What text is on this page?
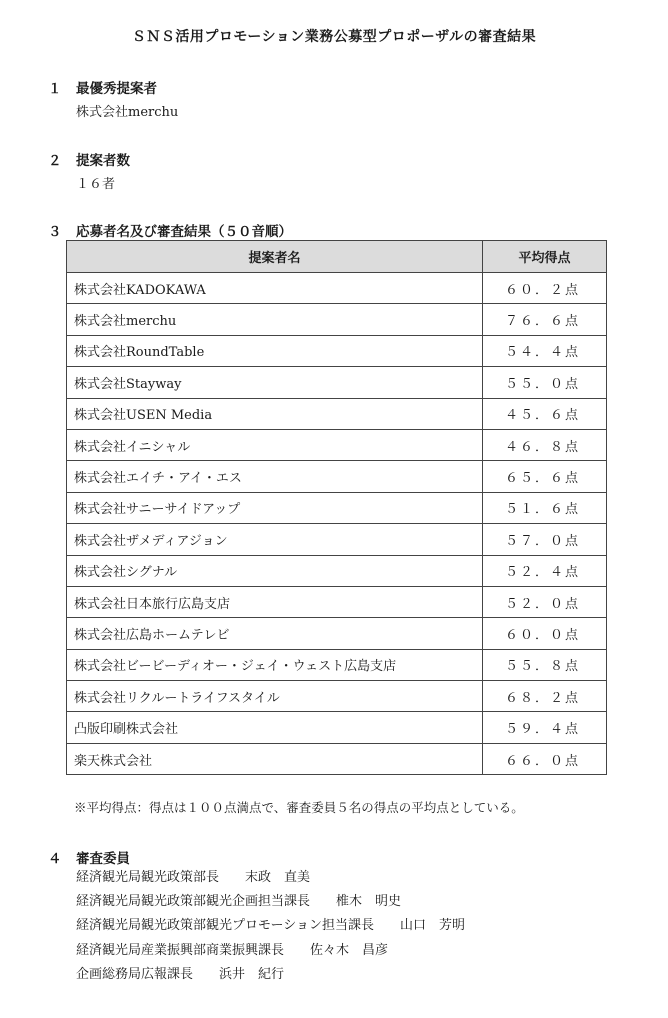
ＳＮＳ活用プロモーション業務公募型プロポーザルの審査結果
１ 最優秀提案者
株式会社merchu
２ 提案者数
１６者
３ 応募者名及び審査結果（５０音順）
提案者名	平均得点
株式会社KADOKAWA	６０．２点
株式会社merchu	７６．６点
株式会社RoundTable	５４．４点
株式会社Stayway	５５．０点
株式会社USEN Media	４５．６点
株式会社イニシャル	４６．８点
株式会社エイチ・アイ・エス	６５．６点
株式会社サニーサイドアップ	５１．６点
株式会社ザメディアジョン	５７．０点
株式会社シグナル	５２．４点
株式会社日本旅行広島支店	５２．０点
株式会社広島ホームテレビ	６０．０点
株式会社ビービーディオー・ジェイ・ウェスト広島支店	５５．８点
株式会社リクルートライフスタイル	６８．２点
凸版印刷株式会社	５９．４点
楽天株式会社	６６．０点
※平均得点：得点は１００点満点で、審査委員５名の得点の平均点としている。
４ 審査委員
経済観光局観光政策部長 末政　直美
経済観光局観光政策部観光企画担当課長 椎木　明史
経済観光局観光政策部観光プロモーション担当課長 山口　芳明
経済観光局産業振興部商業振興課長 佐々木　昌彦
企画総務局広報課長 浜井　紀行
